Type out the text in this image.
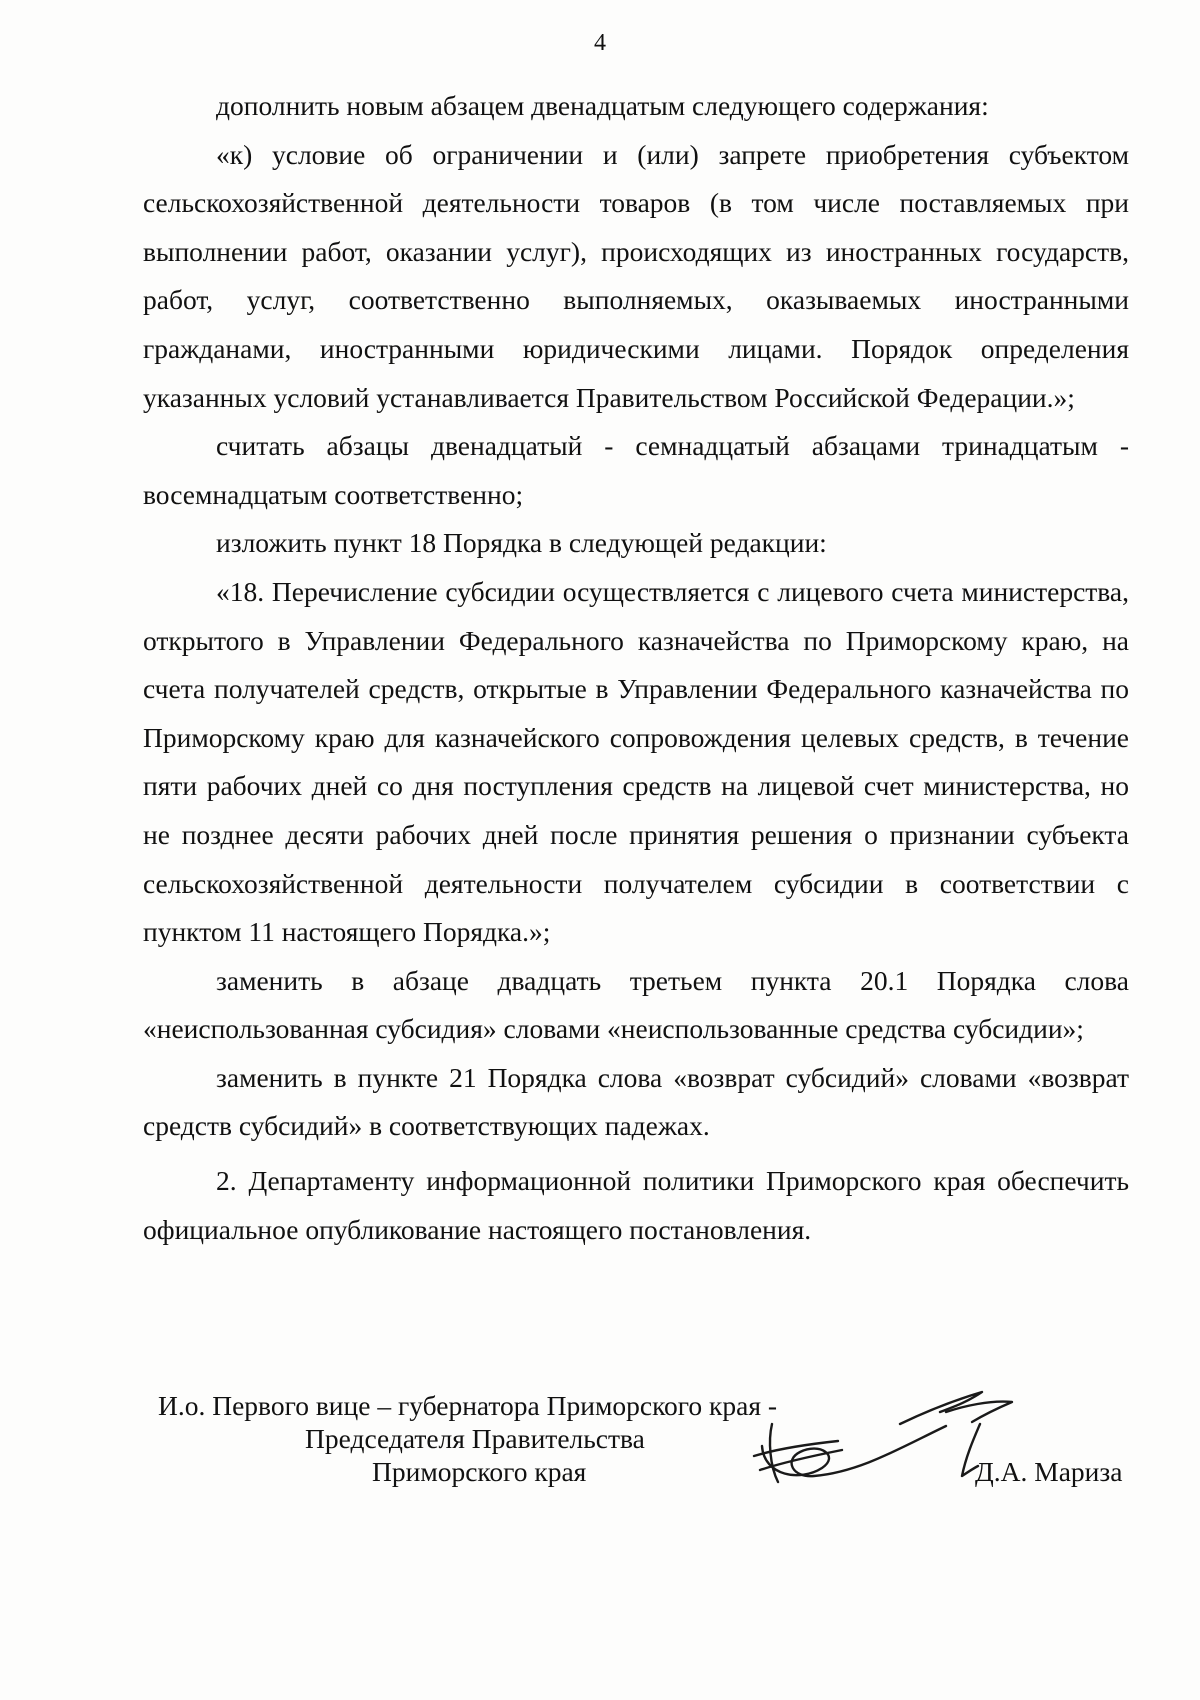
4

дополнить новым абзацем двенадцатым следующего содержания:

«к) условие об ограничении и (или) запрете приобретения субъектом сельскохозяйственной деятельности товаров (в том числе поставляемых при выполнении работ, оказании услуг), происходящих из иностранных государств, работ, услуг, соответственно выполняемых, оказываемых иностранными гражданами, иностранными юридическими лицами. Порядок определения указанных условий устанавливается Правительством Российской Федерации.»;

считать абзацы двенадцатый - семнадцатый абзацами тринадцатым - восемнадцатым соответственно;

изложить пункт 18 Порядка в следующей редакции:

«18. Перечисление субсидии осуществляется с лицевого счета министерства, открытого в Управлении Федерального казначейства по Приморскому краю, на счета получателей средств, открытые в Управлении Федерального казначейства по Приморскому краю для казначейского сопровождения целевых средств, в течение пяти рабочих дней со дня поступления средств на лицевой счет министерства, но не позднее десяти рабочих дней после принятия решения о признании субъекта сельскохозяйственной деятельности получателем субсидии в соответствии с пунктом 11 настоящего Порядка.»;

заменить в абзаце двадцать третьем пункта 20.1 Порядка слова «неиспользованная субсидия» словами «неиспользованные средства субсидии»;

заменить в пункте 21 Порядка слова «возврат субсидий» словами «возврат средств субсидий» в соответствующих падежах.

2. Департаменту информационной политики Приморского края обеспечить официальное опубликование настоящего постановления.

И.о. Первого вице – губернатора Приморского края -
Председателя Правительства
Приморского края	Д.А. Мариза
